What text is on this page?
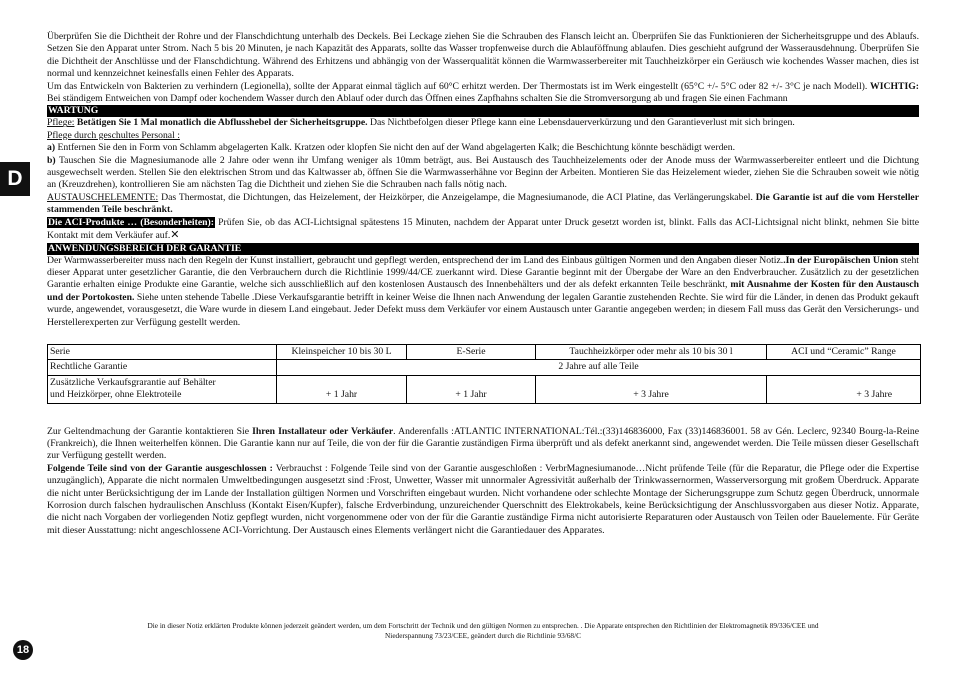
D

Überprüfen Sie die Dichtheit der Rohre und der Flanschdichtung unterhalb des Deckels. Bei Leckage ziehen Sie die Schrauben des Flansch leicht an. Überprüfen Sie das Funktionieren der Sicherheitsgruppe und des Ablaufs. Setzen Sie den Apparat unter Strom. Nach 5 bis 20 Minuten, je nach Kapazität des Apparats, sollte das Wasser tropfenweise durch die Ablauföffnung ablaufen. Dies geschieht aufgrund der Wasserausdehnung. Überprüfen Sie die Dichtheit der Anschlüsse und der Flanschdichtung. Während des Erhitzens und abhängig von der Wasserqualität können die Warmwasserbereiter mit Tauchheizkörper ein Geräusch wie kochendes Wasser machen, dies ist normal und kennzeichnet keinesfalls einen Fehler des Apparats.

Um das Entwickeln von Bakterien zu verhindern (Legionella), sollte der Apparat einmal täglich auf 60°C erhitzt werden. Der Thermostats ist im Werk eingestellt (65°C +/- 5°C oder 82 +/- 3°C je nach Modell). WICHTIG: Bei ständigem Entweichen von Dampf oder kochendem Wasser durch den Ablauf oder durch das Öffnen eines Zapfhahns schalten Sie die Stromversorgung ab und fragen Sie einen Fachmann

WARTUNG

Pflege: Betätigen Sie 1 Mal monatlich die Abflusshebel der Sicherheitsgruppe. Das Nichtbefolgen dieser Pflege kann eine Lebensdauerverkürzung und den Garantieverlust mit sich bringen.

Pflege durch geschultes Personal :

a) Entfernen Sie den in Form von Schlamm abgelagerten Kalk. Kratzen oder klopfen Sie nicht den auf der Wand abgelagerten Kalk; die Beschichtung könnte beschädigt werden.

b) Tauschen Sie die Magnesiumanode alle 2 Jahre oder wenn ihr Umfang weniger als 10mm beträgt, aus. Bei Austausch des Tauchheizelements oder der Anode muss der Warmwasserbereiter entleert und die Dichtung ausgewechselt werden. Stellen Sie den elektrischen Strom und das Kaltwasser ab, öffnen Sie die Warmwasserhähne vor Beginn der Arbeiten. Montieren Sie das Heizelement wieder, ziehen Sie die Schrauben soweit wie nötig an (Kreuzdrehen), kontrollieren Sie am nächsten Tag die Dichtheit und ziehen Sie die Schrauben nach falls nötig nach.

AUSTAUSCHELEMENTE: Das Thermostat, die Dichtungen, das Heizelement, der Heizkörper, die Anzeigelampe, die Magnesiumanode, die ACI Platine, das Verlängerungskabel. Die Garantie ist auf die vom Hersteller stammenden Teile beschränkt.

Die ACI-Produkte … (Besonderheiten): Prüfen Sie, ob das ACI-Lichtsignal spätestens 15 Minuten, nachdem der Apparat unter Druck gesetzt worden ist, blinkt. Falls das ACI-Lichtsignal nicht blinkt, nehmen Sie bitte Kontakt mit dem Verkäufer auf.✕

ANWENDUNGSBEREICH DER GARANTIE

Der Warmwasserbereiter muss nach den Regeln der Kunst installiert, gebraucht und gepflegt werden, entsprechend der im Land des Einbaus gültigen Normen und den Angaben dieser Notiz..In der Europäischen Union steht dieser Apparat unter gesetzlicher Garantie, die den Verbrauchern durch die Richtlinie 1999/44/CE zuerkannt wird. Diese Garantie beginnt mit der Übergabe der Ware an den Endverbraucher. Zusätzlich zu der gesetzlichen Garantie erhalten einige Produkte eine Garantie, welche sich ausschließlich auf den kostenlosen Austausch des Innenbehälters und der als defekt erkannten Teile beschränkt, mit Ausnahme der Kosten für den Austausch und der Portokosten. Siehe unten stehende Tabelle .Diese Verkaufsgarantie betrifft in keiner Weise die Ihnen nach Anwendung der legalen Garantie zustehenden Rechte. Sie wird für die Länder, in denen das Produkt gekauft wurde, angewendet, vorausgesetzt, die Ware wurde in diesem Land eingebaut. Jeder Defekt muss dem Verkäufer vor einem Austausch unter Garantie angegeben werden; in diesem Fall muss das Gerät den Versicherungs- und Herstellerexperten zur Verfügung gestellt werden.

Serie	Kleinspeicher 10 bis 30 L	E-Serie	Tauchheizkörper oder mehr als 10 bis 30 l	ACI und “Ceramic” Range
Rechtliche Garantie	2 Jahre auf alle Teile			

Zusätzliche Verkaufsgrarantie auf Behälter
und Heizkörper, ohne Elektroteile	+ 1 Jahr	+ 1 Jahr	+ 3 Jahre	+ 3 Jahre

Zur Geltendmachung der Garantie kontaktieren Sie Ihren Installateur oder Verkäufer. Anderenfalls :ATLANTIC INTERNATIONAL:Tél.:(33)146836000, Fax (33)146836001. 58 av Gén. Leclerc, 92340 Bourg-la-Reine (Frankreich), die Ihnen weiterhelfen können. Die Garantie kann nur auf Teile, die von der für die Garantie zuständigen Firma überprüft und als defekt anerkannt sind, angewendet werden. Die Teile müssen dieser Gesellschaft zur Verfügung gestellt werden.

Folgende Teile sind von der Garantie ausgeschlossen : Verbrauchst : Folgende Teile sind von der Garantie ausgeschloßen : VerbrMagnesiumanode…Nicht prüfende Teile (für die Reparatur, die Pflege oder die Expertise unzugänglich), Apparate die nicht normalen Umweltbedingungen ausgesetzt sind :Frost, Unwetter, Wasser mit unnormaler Agressivität außerhalb der Trinkwassernormen, Wasserversorgung mit großem Überdruck. Apparate die nicht unter Berücksichtigung der im Lande der Installation gültigen Normen und Vorschriften eingebaut wurden. Nicht vorhandene oder schlechte Montage der Sicherungsgruppe zum Schutz gegen Überdruck, unnormale Korrosion durch falschen hydraulischen Anschluss (Kontakt Eisen/Kupfer), falsche Erdverbindung, unzureichender Querschnitt des Elektrokabels, keine Berücksichtigung der Anschlussvorgaben aus dieser Notiz. Apparate, die nicht nach Vorgaben der vorliegenden Notiz gepflegt wurden, nicht vorgenommene oder von der für die Garantie zuständige Firma nicht autorisierte Reparaturen oder Austausch von Teilen oder Bauelemente. Für Geräte mit dieser Ausstattung: nicht angeschlossene ACI-Vorrichtung. Der Austausch eines Elements verlängert nicht die Garantiedauer des Apparates.

Die in dieser Notiz erklärten Produkte können jederzeit geändert werden, um dem Fortschritt der Technik und den gültigen Normen zu entsprechen. . Die Apparate entsprechen den Richtlinien der Elektromagnetik 89/336/CEE und
Niederspannung 73/23/CEE, geändert durch die Richtlinie 93/68/C
18
